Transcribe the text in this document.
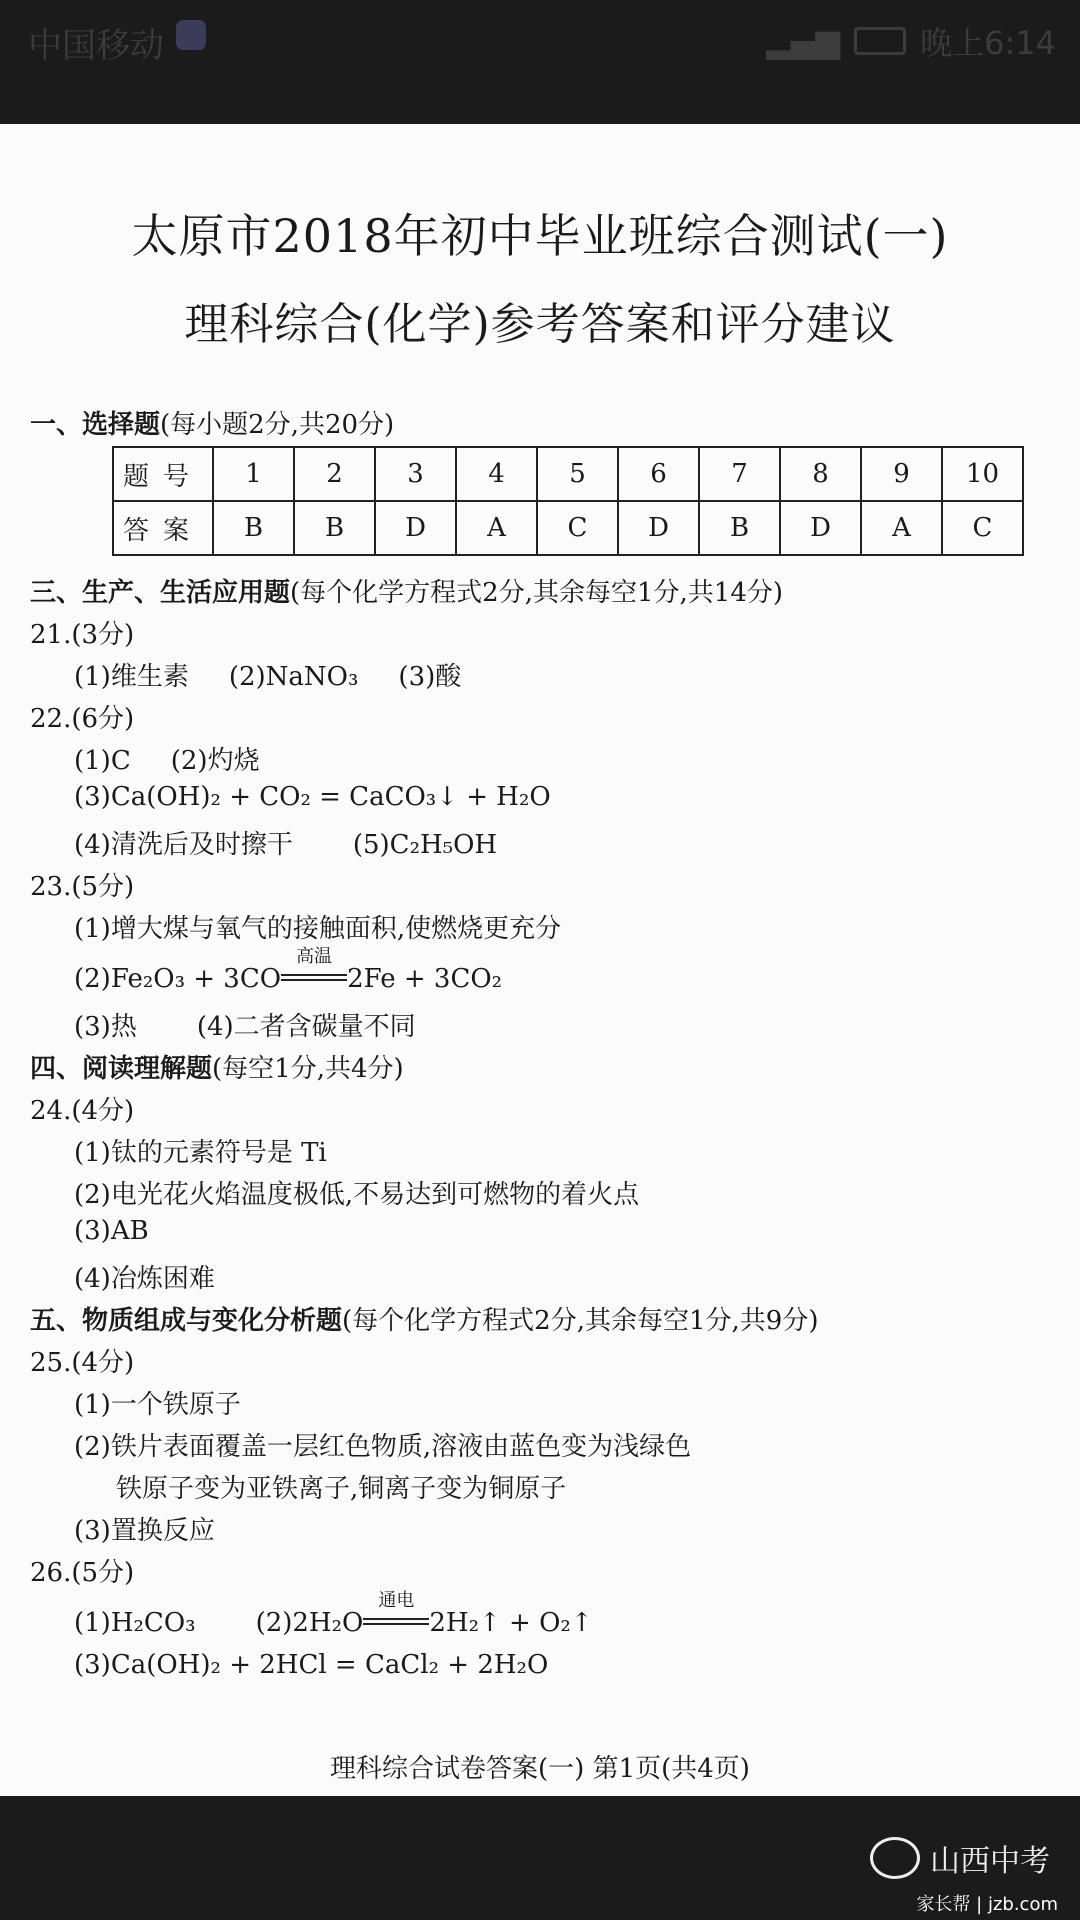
中国移动	▂▄▆	晚上6:14
太原市2018年初中毕业班综合测试(一)
理科综合(化学)参考答案和评分建议
一、选择题(每小题2分,共20分)
题号	1	2	3	4	5	6	7	8	9	10
答案	B	B	D	A	C	D	B	D	A	C
三、生产、生活应用题(每个化学方程式2分,其余每空1分,共14分)
21.(3分)
(1)维生素 (2)NaNO₃ (3)酸
22.(6分)
(1)C (2)灼烧
(3)Ca(OH)₂ + CO₂ = CaCO₃↓ + H₂O
(4)清洗后及时擦干 (5)C₂H₅OH
23.(5分)
(1)增大煤与氧气的接触面积,使燃烧更充分
(2)Fe₂O₃ + 3CO
高温
2Fe + 3CO₂
(3)热 (4)二者含碳量不同
四、阅读理解题(每空1分,共4分)
24.(4分)
(1)钛的元素符号是 Ti
(2)电光花火焰温度极低,不易达到可燃物的着火点
(3)AB
(4)冶炼困难
五、物质组成与变化分析题(每个化学方程式2分,其余每空1分,共9分)
25.(4分)
(1)一个铁原子
(2)铁片表面覆盖一层红色物质,溶液由蓝色变为浅绿色
铁原子变为亚铁离子,铜离子变为铜原子
(3)置换反应
26.(5分)
(1)H₂CO₃ (2)2H₂O
通电
2H₂↑ + O₂↑
(3)Ca(OH)₂ + 2HCl = CaCl₂ + 2H₂O
理科综合试卷答案(一) 第1页(共4页)
山西中考
家长帮 | jzb.com
